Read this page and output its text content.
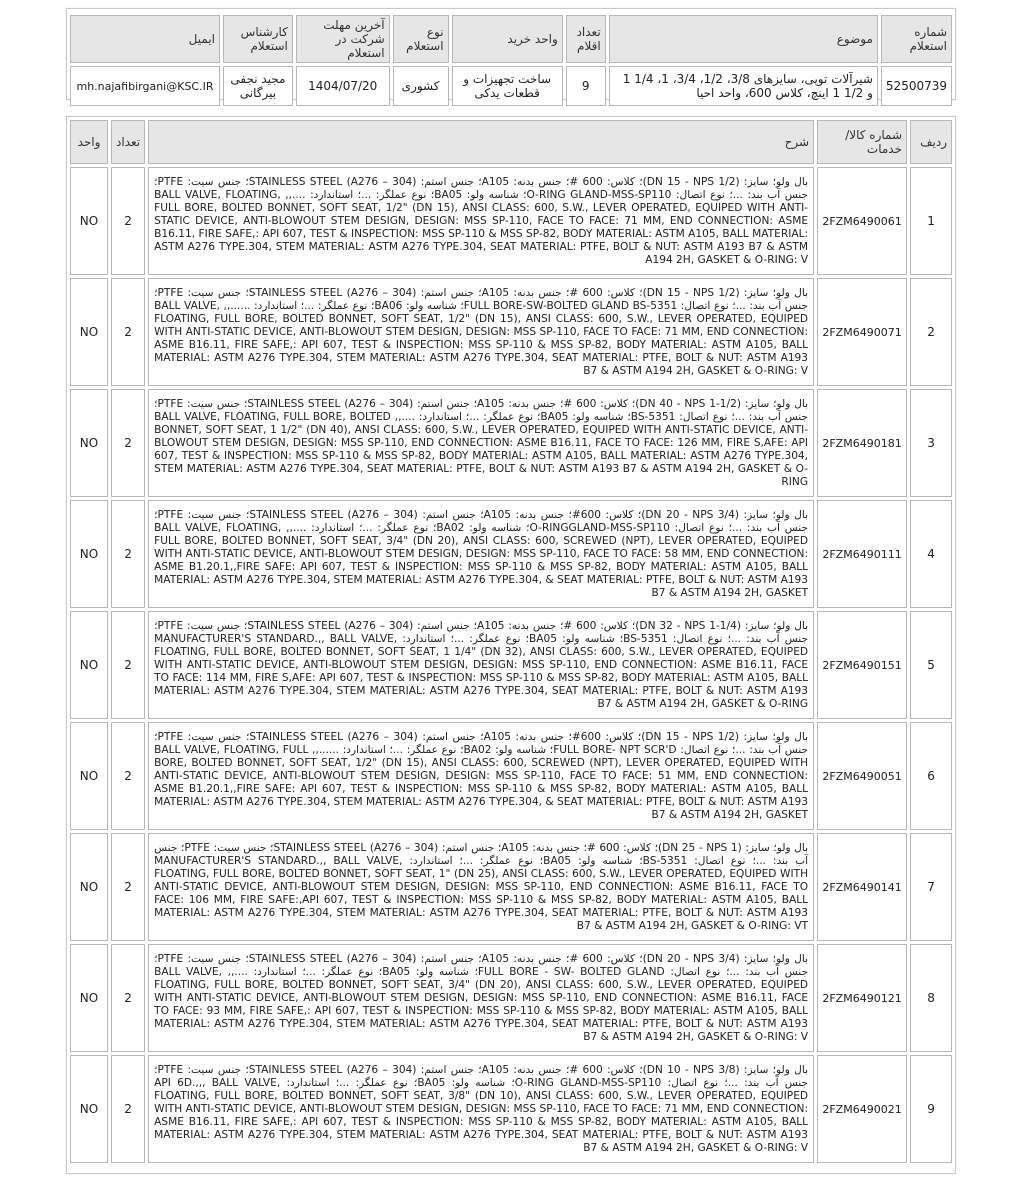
شماره استعلام	موضوع	تعداد اقلام	واحد خرید	نوع استعلام	آخرین مهلت شرکت در استعلام	کارشناس استعلام	ایمیل
52500739	شیرآلات توپی، سایزهای 3/8، 1/2، 3/4، 1، 1/4 1 و 1/2 1 اینچ، کلاس 600، واحد احیا	9	ساخت تجهیزات و قطعات یدکی	کشوری	1404/07/20	مجید نجفی بیرگانی	mh.najafibirgani@KSC.IR
ردیف	شماره کالا/خدمات	شرح	تعداد	واحد
1	2FZM6490061	بال ولو؛ سایز: (DN 15 - NPS 1/2)؛ کلاس: 600 #؛ جنس بدنه: A105؛ جنس استم: STAINLESS STEEL (A276 – 304)؛ جنس سیت: PTFE؛ جنس آب بند: ...؛ نوع اتصال: O-RING GLAND-MSS-SP110؛ شناسه ولو: BA05؛ نوع عملگر: ...؛ استاندارد: ....,, BALL VALVE, FLOATING, FULL BORE, BOLTED BONNET, SOFT SEAT, 1/2" (DN 15), ANSI CLASS: 600, S.W., LEVER OPERATED, EQUIPED WITH ANTI-STATIC DEVICE, ANTI-BLOWOUT STEM DESIGN, DESIGN: MSS SP-110, FACE TO FACE: 71 MM, END CONNECTION: ASME B16.11, FIRE SAFE,: API 607, TEST & INSPECTION: MSS SP-110 & MSS SP-82, BODY MATERIAL: ASTM A105, BALL MATERIAL: ASTM A276 TYPE.304, STEM MATERIAL: ASTM A276 TYPE.304, SEAT MATERIAL: PTFE, BOLT & NUT: ASTM A193 B7 & ASTM A194 2H, GASKET & O-RING: V	2	NO
2	2FZM6490071	بال ولو؛ سایز: (DN 15 - NPS 1/2)؛ کلاس: 600 #؛ جنس بدنه: A105؛ جنس استم: STAINLESS STEEL (A276 – 304)؛ جنس سیت: PTFE؛ جنس آب بند: ...؛ نوع اتصال: FULL BORE-SW-BOLTED GLAND BS-5351؛ شناسه ولو: BA06؛ نوع عملگر: ...؛ استاندارد: ......,, BALL VALVE, FLOATING, FULL BORE, BOLTED BONNET, SOFT SEAT, 1/2" (DN 15), ANSI CLASS: 600, S.W., LEVER OPERATED, EQUIPED WITH ANTI-STATIC DEVICE, ANTI-BLOWOUT STEM DESIGN, DESIGN: MSS SP-110, FACE TO FACE: 71 MM, END CONNECTION: ASME B16.11, FIRE SAFE,: API 607, TEST & INSPECTION: MSS SP-110 & MSS SP-82, BODY MATERIAL: ASTM A105, BALL MATERIAL: ASTM A276 TYPE.304, STEM MATERIAL: ASTM A276 TYPE.304, SEAT MATERIAL: PTFE, BOLT & NUT: ASTM A193 B7 & ASTM A194 2H, GASKET & O-RING: V	2	NO
3	2FZM6490181	بال ولو؛ سایز: (DN 40 - NPS 1-1/2)؛ کلاس: 600 #؛ جنس بدنه: A105؛ جنس استم: STAINLESS STEEL (A276 – 304)؛ جنس سیت: PTFE؛ جنس آب بند: ...؛ نوع اتصال: BS-5351؛ شناسه ولو: BA05؛ نوع عملگر: ...؛ استاندارد: ....,, BALL VALVE, FLOATING, FULL BORE, BOLTED BONNET, SOFT SEAT, 1 1/2" (DN 40), ANSI CLASS: 600, S.W., LEVER OPERATED, EQUIPED WITH ANTI-STATIC DEVICE, ANTI-BLOWOUT STEM DESIGN, DESIGN: MSS SP-110, END CONNECTION: ASME B16.11, FACE TO FACE: 126 MM, FIRE S,AFE: API 607, TEST & INSPECTION: MSS SP-110 & MSS SP-82, BODY MATERIAL: ASTM A105, BALL MATERIAL: ASTM A276 TYPE.304, STEM MATERIAL: ASTM A276 TYPE.304, SEAT MATERIAL: PTFE, BOLT & NUT: ASTM A193 B7 & ASTM A194 2H, GASKET & O-RING	2	NO
4	2FZM6490111	بال ولو؛ سایز: (DN 20 - NPS 3/4)؛ کلاس: 600#؛ جنس بدنه: A105؛ جنس استم: STAINLESS STEEL (A276 – 304)؛ جنس سیت: PTFE؛ جنس آب بند: ...؛ نوع اتصال: O-RINGGLAND-MSS-SP110؛ شناسه ولو: BA02؛ نوع عملگر: ...؛ استاندارد: ....,, BALL VALVE, FLOATING, FULL BORE, BOLTED BONNET, SOFT SEAT, 3/4" (DN 20), ANSI CLASS: 600, SCREWED (NPT), LEVER OPERATED, EQUIPED WITH ANTI-STATIC DEVICE, ANTI-BLOWOUT STEM DESIGN, DESIGN: MSS SP-110, FACE TO FACE: 58 MM, END CONNECTION: ASME B1.20.1,,FIRE SAFE: API 607, TEST & INSPECTION: MSS SP-110 & MSS SP-82, BODY MATERIAL: ASTM A105, BALL MATERIAL: ASTM A276 TYPE.304, STEM MATERIAL: ASTM A276 TYPE.304, & SEAT MATERIAL: PTFE, BOLT & NUT: ASTM A193 B7 & ASTM A194 2H, GASKET	2	NO
5	2FZM6490151	بال ولو؛ سایز: (DN 32 - NPS 1-1/4)؛ کلاس: 600 #؛ جنس بدنه: A105؛ جنس استم: STAINLESS STEEL (A276 – 304)؛ جنس سیت: PTFE؛ جنس آب بند: ...؛ نوع اتصال: BS-5351؛ شناسه ولو: BA05؛ نوع عملگر: ...؛ استاندارد: MANUFACTURER'S STANDARD.,, BALL VALVE, FLOATING, FULL BORE, BOLTED BONNET, SOFT SEAT, 1 1/4" (DN 32), ANSI CLASS: 600, S.W., LEVER OPERATED, EQUIPED WITH ANTI-STATIC DEVICE, ANTI-BLOWOUT STEM DESIGN, DESIGN: MSS SP-110, END CONNECTION: ASME B16.11, FACE TO FACE: 114 MM, FIRE S,AFE: API 607, TEST & INSPECTION: MSS SP-110 & MSS SP-82, BODY MATERIAL: ASTM A105, BALL MATERIAL: ASTM A276 TYPE.304, STEM MATERIAL: ASTM A276 TYPE.304, SEAT MATERIAL: PTFE, BOLT & NUT: ASTM A193 B7 & ASTM A194 2H, GASKET & O-RING	2	NO
6	2FZM6490051	بال ولو؛ سایز: (DN 15 - NPS 1/2)؛ کلاس: 600#؛ جنس بدنه: A105؛ جنس استم: STAINLESS STEEL (A276 – 304)؛ جنس سیت: PTFE؛ جنس آب بند: ...؛ نوع اتصال: FULL BORE- NPT SCR'D؛ شناسه ولو: BA02؛ نوع عملگر: ...؛ استاندارد: ......,, BALL VALVE, FLOATING, FULL BORE, BOLTED BONNET, SOFT SEAT, 1/2" (DN 15), ANSI CLASS: 600, SCREWED (NPT), LEVER OPERATED, EQUIPED WITH ANTI-STATIC DEVICE, ANTI-BLOWOUT STEM DESIGN, DESIGN: MSS SP-110, FACE TO FACE: 51 MM, END CONNECTION: ASME B1.20.1,,FIRE SAFE: API 607, TEST & INSPECTION: MSS SP-110 & MSS SP-82, BODY MATERIAL: ASTM A105, BALL MATERIAL: ASTM A276 TYPE.304, STEM MATERIAL: ASTM A276 TYPE.304, & SEAT MATERIAL: PTFE, BOLT & NUT: ASTM A193 B7 & ASTM A194 2H, GASKET	2	NO
7	2FZM6490141	بال ولو؛ سایز: (DN 25 - NPS 1)؛ کلاس: 600 #؛ جنس بدنه: A105؛ جنس استم: STAINLESS STEEL (A276 – 304)؛ جنس سیت: PTFE؛ جنس آب بند: ...؛ نوع اتصال: BS-5351؛ شناسه ولو: BA05؛ نوع عملگر: ...؛ استاندارد: MANUFACTURER'S STANDARD.,, BALL VALVE, FLOATING, FULL BORE, BOLTED BONNET, SOFT SEAT, 1" (DN 25), ANSI CLASS: 600, S.W., LEVER OPERATED, EQUIPED WITH ANTI-STATIC DEVICE, ANTI-BLOWOUT STEM DESIGN, DESIGN: MSS SP-110, END CONNECTION: ASME B16.11, FACE TO FACE: 106 MM, FIRE SAFE:,API 607, TEST & INSPECTION: MSS SP-110 & MSS SP-82, BODY MATERIAL: ASTM A105, BALL MATERIAL: ASTM A276 TYPE.304, STEM MATERIAL: ASTM A276 TYPE.304, SEAT MATERIAL: PTFE, BOLT & NUT: ASTM A193 B7 & ASTM A194 2H, GASKET & O-RING: VT	2	NO
8	2FZM6490121	بال ولو؛ سایز: (DN 20 - NPS 3/4)؛ کلاس: 600 #؛ جنس بدنه: A105؛ جنس استم: STAINLESS STEEL (A276 – 304)؛ جنس سیت: PTFE؛ جنس آب بند: ...؛ نوع اتصال: FULL BORE - SW- BOLTED GLAND؛ شناسه ولو: BA05؛ نوع عملگر: ...؛ استاندارد: ....,, BALL VALVE, FLOATING, FULL BORE, BOLTED BONNET, SOFT SEAT, 3/4" (DN 20), ANSI CLASS: 600, S.W., LEVER OPERATED, EQUIPED WITH ANTI-STATIC DEVICE, ANTI-BLOWOUT STEM DESIGN, DESIGN: MSS SP-110, END CONNECTION: ASME B16.11, FACE TO FACE: 93 MM, FIRE SAFE,: API 607, TEST & INSPECTION: MSS SP-110 & MSS SP-82, BODY MATERIAL: ASTM A105, BALL MATERIAL: ASTM A276 TYPE.304, STEM MATERIAL: ASTM A276 TYPE.304, SEAT MATERIAL: PTFE, BOLT & NUT: ASTM A193 B7 & ASTM A194 2H, GASKET & O-RING: V	2	NO
9	2FZM6490021	بال ولو؛ سایز: (DN 10 - NPS 3/8)؛ کلاس: 600 #؛ جنس بدنه: A105؛ جنس استم: STAINLESS STEEL (A276 – 304)؛ جنس سیت: PTFE؛ جنس آب بند: ...؛ نوع اتصال: O-RING GLAND-MSS-SP110؛ شناسه ولو: BA05؛ نوع عملگر: ...؛ استاندارد: API 6D.,,, BALL VALVE, FLOATING, FULL BORE, BOLTED BONNET, SOFT SEAT, 3/8" (DN 10), ANSI CLASS: 600, S.W., LEVER OPERATED, EQUIPED WITH ANTI-STATIC DEVICE, ANTI-BLOWOUT STEM DESIGN, DESIGN: MSS SP-110, FACE TO FACE: 71 MM, END CONNECTION: ASME B16.11, FIRE SAFE,: API 607, TEST & INSPECTION: MSS SP-110 & MSS SP-82, BODY MATERIAL: ASTM A105, BALL MATERIAL: ASTM A276 TYPE.304, STEM MATERIAL: ASTM A276 TYPE.304, SEAT MATERIAL: PTFE, BOLT & NUT: ASTM A193 B7 & ASTM A194 2H, GASKET & O-RING: V	2	NO
